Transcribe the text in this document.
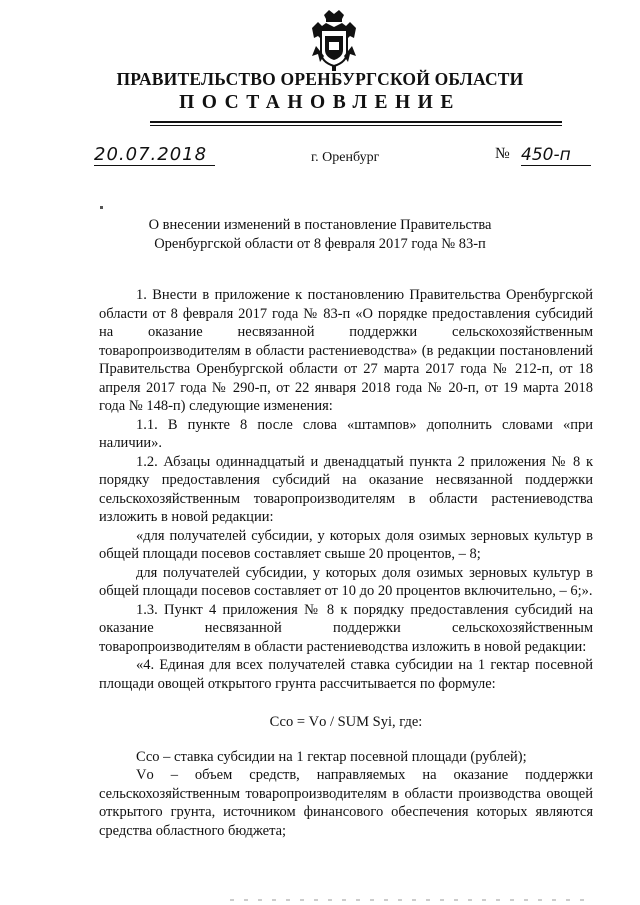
ПРАВИТЕЛЬСТВО ОРЕНБУРГСКОЙ ОБЛАСТИ
ПОСТАНОВЛЕНИЕ
20.07.2018	г. Оренбург	№ 450-п
О внесении изменений в постановление Правительства
Оренбургской области от 8 февраля 2017 года № 83-п

1. Внести в приложение к постановлению Правительства Оренбургской области от 8 февраля 2017 года № 83-п «О порядке предоставления субсидий на оказание несвязанной поддержки сельскохозяйственным товаропроизводителям в области растениеводства» (в редакции постановлений Правительства Оренбургской области от 27 марта 2017 года № 212-п, от 18 апреля 2017 года № 290-п, от 22 января 2018 года № 20-п, от 19 марта 2018 года № 148-п) следующие изменения:

1.1. В пункте 8 после слова «штампов» дополнить словами «при наличии».

1.2. Абзацы одиннадцатый и двенадцатый пункта 2 приложения № 8 к порядку предоставления субсидий на оказание несвязанной поддержки сельскохозяйственным товаропроизводителям в области растениеводства изложить в новой редакции:

«для получателей субсидии, у которых доля озимых зерновых культур в общей площади посевов составляет свыше 20 процентов, – 8;

для получателей субсидии, у которых доля озимых зерновых культур в общей площади посевов составляет от 10 до 20 процентов включительно, – 6;».

1.3. Пункт 4 приложения № 8 к порядку предоставления субсидий на оказание несвязанной поддержки сельскохозяйственным товаропроизводителям в области растениеводства изложить в новой редакции:

«4. Единая для всех получателей ставка субсидии на 1 гектар посевной площади овощей открытого грунта рассчитывается по формуле:

Ссо = Vо / SUM Syi, где:

Ссо – ставка субсидии на 1 гектар посевной площади (рублей);

Vо – объем средств, направляемых на оказание поддержки сельскохозяйственным товаропроизводителям в области производства овощей открытого грунта, источником финансового обеспечения которых являются средства областного бюджета;
